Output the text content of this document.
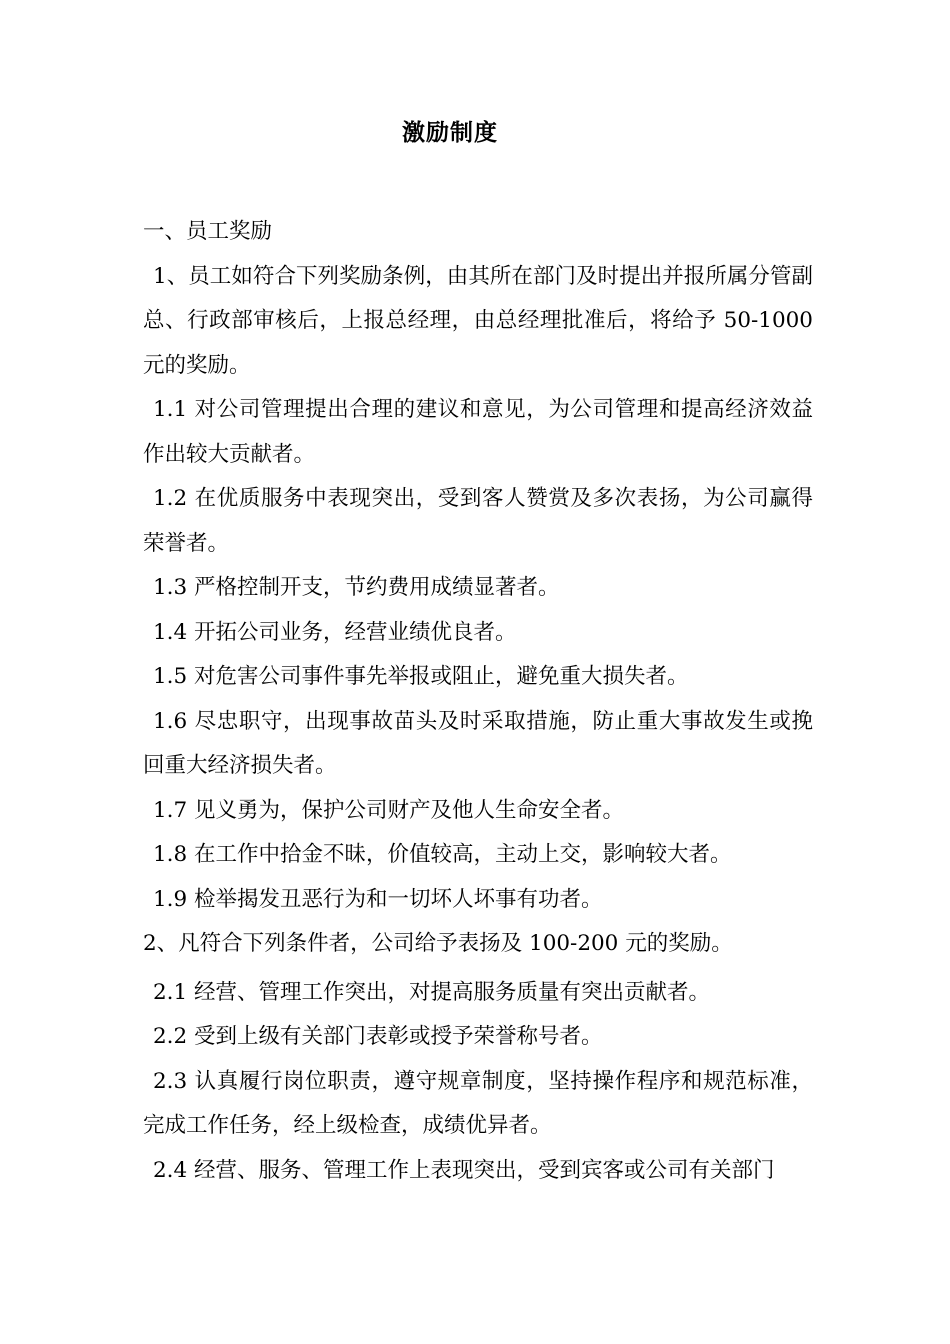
激励制度

一、员工奖励

1、员工如符合下列奖励条例，由其所在部门及时提出并报所属分管副总、行政部审核后，上报总经理，由总经理批准后，将给予 50-1000 元的奖励。

1.1 对公司管理提出合理的建议和意见，为公司管理和提高经济效益作出较大贡献者。

1.2 在优质服务中表现突出，受到客人赞赏及多次表扬，为公司赢得荣誉者。

1.3 严格控制开支，节约费用成绩显著者。

1.4 开拓公司业务，经营业绩优良者。

1.5 对危害公司事件事先举报或阻止，避免重大损失者。

1.6 尽忠职守，出现事故苗头及时采取措施，防止重大事故发生或挽回重大经济损失者。

1.7 见义勇为，保护公司财产及他人生命安全者。

1.8 在工作中拾金不昧，价值较高，主动上交，影响较大者。

1.9 检举揭发丑恶行为和一切坏人坏事有功者。

2、凡符合下列条件者，公司给予表扬及 100-200 元的奖励。

2.1 经营、管理工作突出，对提高服务质量有突出贡献者。

2.2 受到上级有关部门表彰或授予荣誉称号者。

2.3 认真履行岗位职责，遵守规章制度，坚持操作程序和规范标准，完成工作任务，经上级检查，成绩优异者。

2.4 经营、服务、管理工作上表现突出，受到宾客或公司有关部门
